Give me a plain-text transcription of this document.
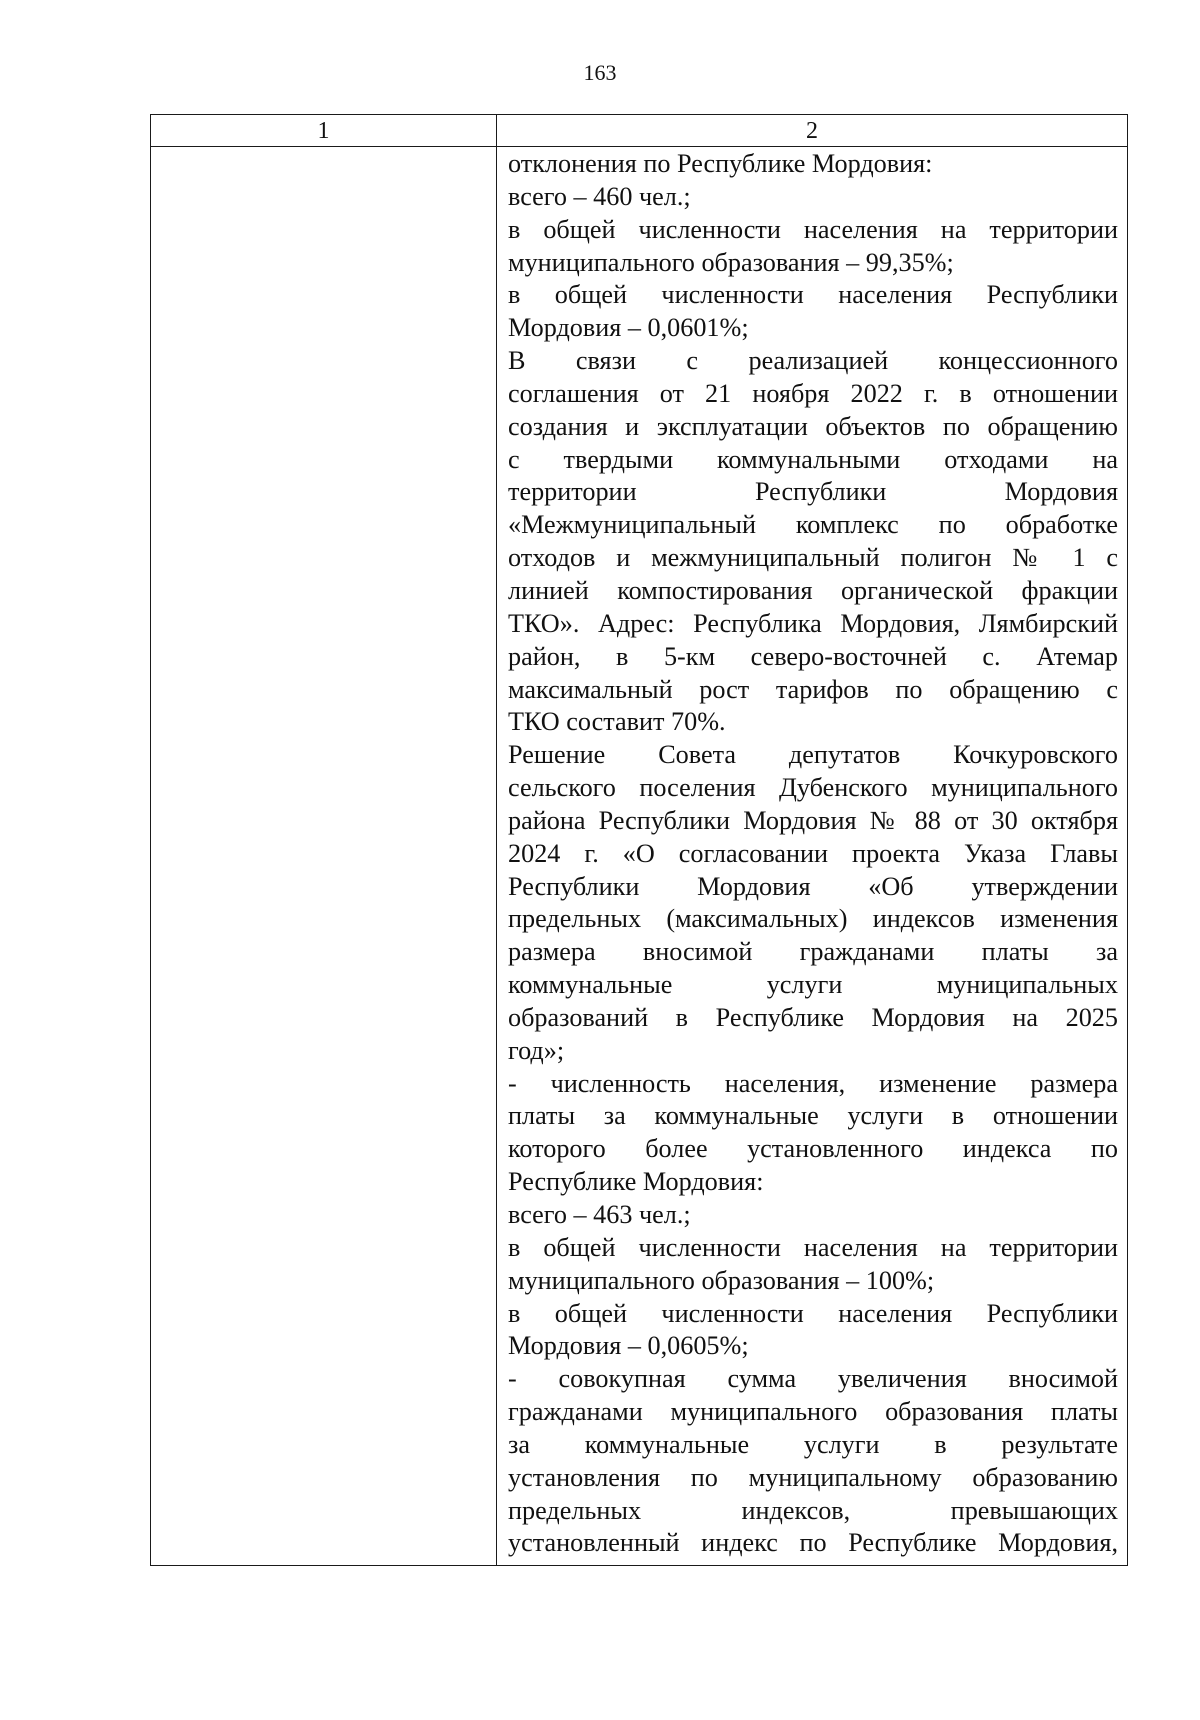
163
1	2
отклонения по Республике Мордовия:
всего – 460 чел.;
в общей численности населения на территории
муниципального образования – 99,35%;
в общей численности населения Республики
Мордовия – 0,0601%;
В связи с реализацией концессионного
соглашения от 21 ноября 2022 г. в отношении
создания и эксплуатации объектов по обращению
с твердыми коммунальными отходами на
территории Республики Мордовия
«Межмуниципальный комплекс по обработке
отходов и межмуниципальный полигон № 1 с
линией компостирования органической фракции
ТКО». Адрес: Республика Мордовия, Лямбирский
район, в 5-км северо-восточней с. Атемар
максимальный рост тарифов по обращению с
ТКО составит 70%.
Решение Совета депутатов Кочкуровского
сельского поселения Дубенского муниципального
района Республики Мордовия № 88 от 30 октября
2024 г. «О согласовании проекта Указа Главы
Республики Мордовия «Об утверждении
предельных (максимальных) индексов изменения
размера вносимой гражданами платы за
коммунальные услуги муниципальных
образований в Республике Мордовия на 2025
год»;
- численность населения, изменение размера
платы за коммунальные услуги в отношении
которого более установленного индекса по
Республике Мордовия:
всего – 463 чел.;
в общей численности населения на территории
муниципального образования – 100%;
в общей численности населения Республики
Мордовия – 0,0605%;
- совокупная сумма увеличения вносимой
гражданами муниципального образования платы
за коммунальные услуги в результате
установления по муниципальному образованию
предельных индексов, превышающих
установленный индекс по Республике Мордовия,
